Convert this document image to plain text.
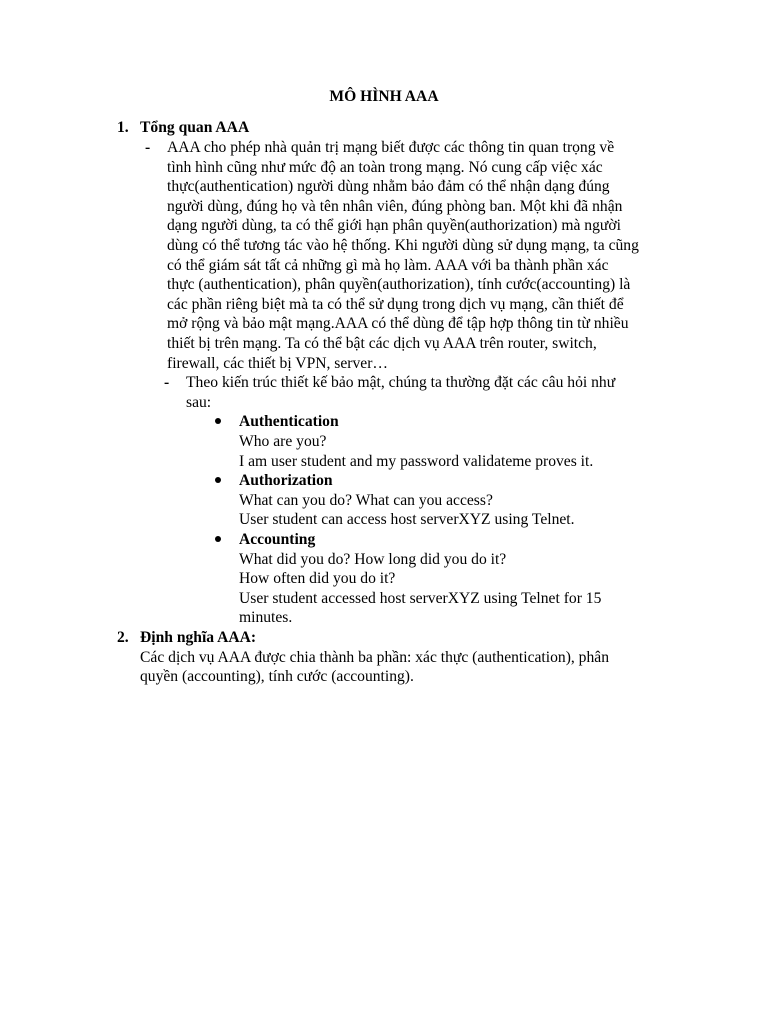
MÔ HÌNH AAA
1. Tổng quan AAA
- AAA cho phép nhà quản trị mạng biết được các thông tin quan trọng về
tình hình cũng như mức độ an toàn trong mạng. Nó cung cấp việc xác
thực(authentication) người dùng nhằm bảo đảm có thể nhận dạng đúng
người dùng, đúng họ và tên nhân viên, đúng phòng ban. Một khi đã nhận
dạng người dùng, ta có thể giới hạn phân quyền(authorization) mà người
dùng có thể tương tác vào hệ thống. Khi người dùng sử dụng mạng, ta cũng
có thể giám sát tất cả những gì mà họ làm. AAA với ba thành phần xác
thực (authentication), phân quyền(authorization), tính cước(accounting) là
các phần riêng biệt mà ta có thể sử dụng trong dịch vụ mạng, cần thiết để
mở rộng và bảo mật mạng.AAA có thể dùng để tập hợp thông tin từ nhiều
thiết bị trên mạng. Ta có thể bật các dịch vụ AAA trên router, switch,
firewall, các thiết bị VPN, server…
- Theo kiến trúc thiết kế bảo mật, chúng ta thường đặt các câu hỏi như
sau:
Authentication
Who are you?
I am user student and my password validateme proves it.
Authorization
What can you do? What can you access?
User student can access host serverXYZ using Telnet.
Accounting
What did you do? How long did you do it?
How often did you do it?
User student accessed host serverXYZ using Telnet for 15
minutes.
2. Định nghĩa AAA:
Các dịch vụ AAA được chia thành ba phần: xác thực (authentication), phân
quyền (accounting), tính cước (accounting).
